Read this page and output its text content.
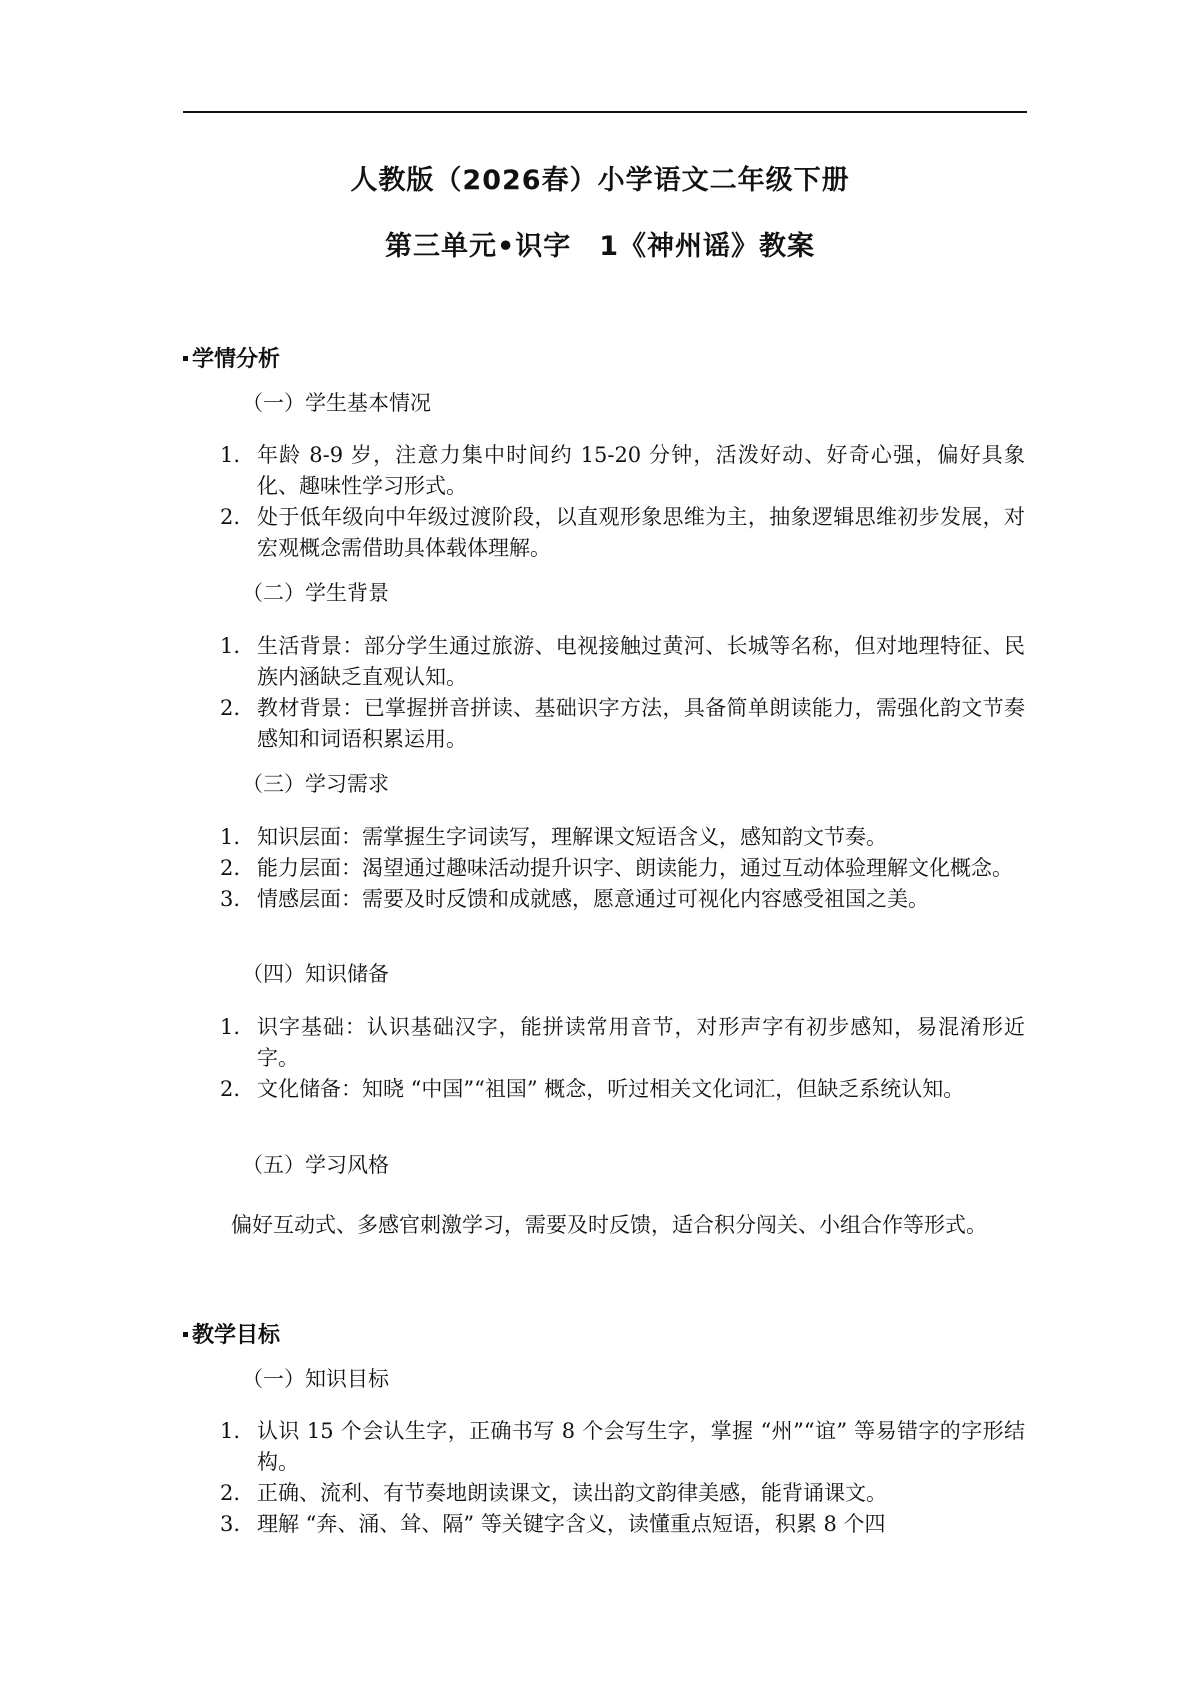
人教版（2026春）小学语文二年级下册
第三单元•识字　1《神州谣》教案
学情分析
（一）学生基本情况
1. 年龄 8-9 岁，注意力集中时间约 15-20 分钟，活泼好动、好奇心强，偏好具象化、趣味性学习形式。
2. 处于低年级向中年级过渡阶段，以直观形象思维为主，抽象逻辑思维初步发展，对宏观概念需借助具体载体理解。
（二）学生背景
1. 生活背景：部分学生通过旅游、电视接触过黄河、长城等名称，但对地理特征、民族内涵缺乏直观认知。
2. 教材背景：已掌握拼音拼读、基础识字方法，具备简单朗读能力，需强化韵文节奏感知和词语积累运用。
（三）学习需求
1. 知识层面：需掌握生字词读写，理解课文短语含义，感知韵文节奏。
2. 能力层面：渴望通过趣味活动提升识字、朗读能力，通过互动体验理解文化概念。
3. 情感层面：需要及时反馈和成就感，愿意通过可视化内容感受祖国之美。
（四）知识储备
1. 识字基础：认识基础汉字，能拼读常用音节，对形声字有初步感知，易混淆形近字。
2. 文化储备：知晓 “中国”“祖国” 概念，听过相关文化词汇，但缺乏系统认知。
（五）学习风格

偏好互动式、多感官刺激学习，需要及时反馈，适合积分闯关、小组合作等形式。

教学目标
（一）知识目标
1. 认识 15 个会认生字，正确书写 8 个会写生字，掌握 “州”“谊” 等易错字的字形结构。
2. 正确、流利、有节奏地朗读课文，读出韵文韵律美感，能背诵课文。
3. 理解 “奔、涌、耸、隔” 等关键字含义，读懂重点短语，积累 8 个四
